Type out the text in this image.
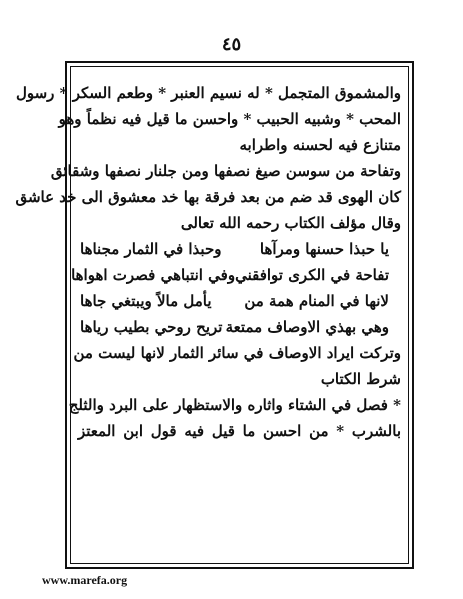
٤٥
والمشموق المتجمل * له نسيم العنبر * وطعم السكر * رسول
المحب * وشبيه الحبيب * واحسن ما قيل فيه نظماً وهو
متنازع فيه لحسنه واطرابه
وتفاحة من سوسن صيغ نصفها ومن جلنار نصفها وشقائق
كان الهوى قد ضم من بعد فرقة بها خد معشوق الى خد عاشق
وقال مؤلف الكتاب رحمه الله تعالى
يا حبذا حسنها ومرآها
وحبذا في الثمار مجناها
تفاحة في الكرى توافقني
وفي انتباهي فصرت اهواها
لانها في المنام همة من
يأمل مالاً ويبتغي جاها
وهي بهذي الاوصاف ممتعة
تريح روحي بطيب رياها
وتركت ايراد الاوصاف في سائر الثمار لانها ليست من
شرط الكتاب
* فصل في الشتاء واثاره والاستظهار على البرد والثلج
بالشرب * من احسن ما قيل فيه قول ابن المعتز
www.marefa.org
